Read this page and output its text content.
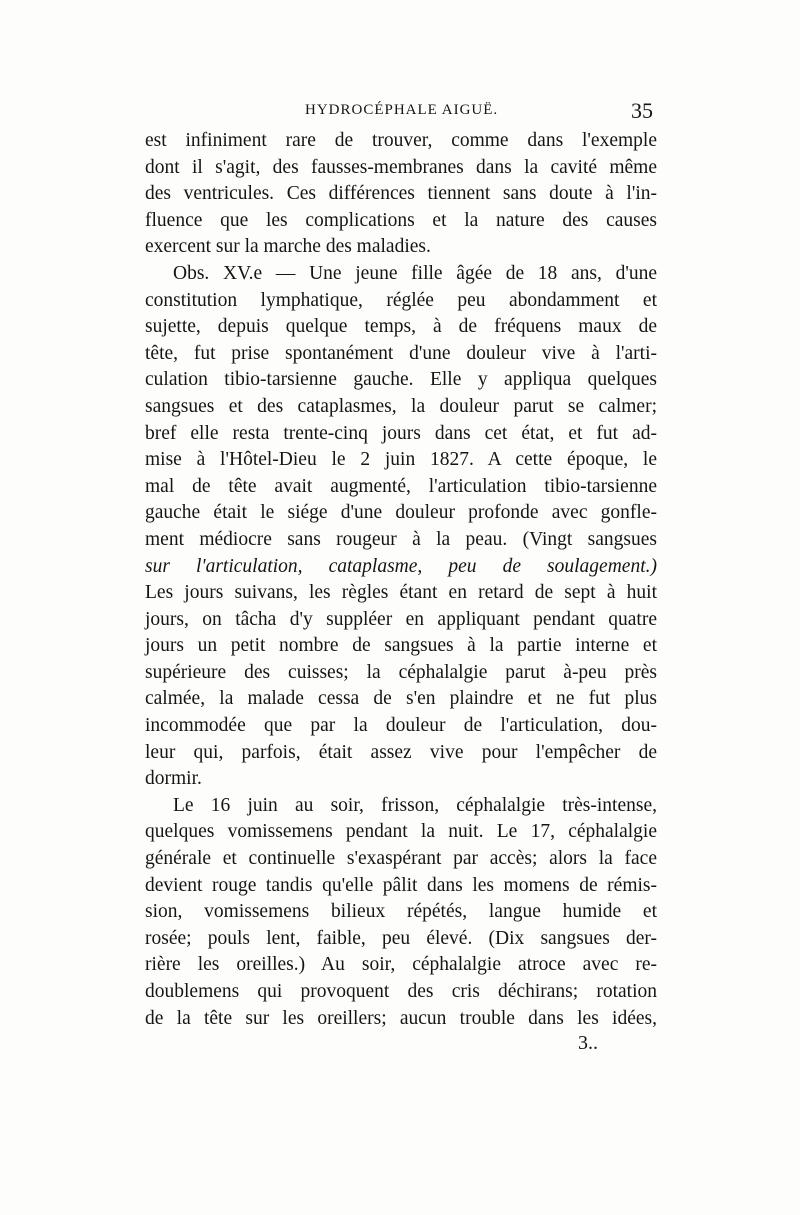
HYDROCÉPHALE AIGUË.	35
est infiniment rare de trouver, comme dans l'exemple
dont il s'agit, des fausses-membranes dans la cavité même
des ventricules. Ces différences tiennent sans doute à l'in-
fluence que les complications et la nature des causes
exercent sur la marche des maladies.
Obs. XV.e — Une jeune fille âgée de 18 ans, d'une
constitution lymphatique, réglée peu abondamment et
sujette, depuis quelque temps, à de fréquens maux de
tête, fut prise spontanément d'une douleur vive à l'arti-
culation tibio-tarsienne gauche. Elle y appliqua quelques
sangsues et des cataplasmes, la douleur parut se calmer;
bref elle resta trente-cinq jours dans cet état, et fut ad-
mise à l'Hôtel-Dieu le 2 juin 1827. A cette époque, le
mal de tête avait augmenté, l'articulation tibio-tarsienne
gauche était le siége d'une douleur profonde avec gonfle-
ment médiocre sans rougeur à la peau. (Vingt sangsues
sur l'articulation, cataplasme, peu de soulagement.)
Les jours suivans, les règles étant en retard de sept à huit
jours, on tâcha d'y suppléer en appliquant pendant quatre
jours un petit nombre de sangsues à la partie interne et
supérieure des cuisses; la céphalalgie parut à-peu près
calmée, la malade cessa de s'en plaindre et ne fut plus
incommodée que par la douleur de l'articulation, dou-
leur qui, parfois, était assez vive pour l'empêcher de
dormir.
Le 16 juin au soir, frisson, céphalalgie très-intense,
quelques vomissemens pendant la nuit. Le 17, céphalalgie
générale et continuelle s'exaspérant par accès; alors la face
devient rouge tandis qu'elle pâlit dans les momens de rémis-
sion, vomissemens bilieux répétés, langue humide et
rosée; pouls lent, faible, peu élevé. (Dix sangsues der-
rière les oreilles.) Au soir, céphalalgie atroce avec re-
doublemens qui provoquent des cris déchirans; rotation
de la tête sur les oreillers; aucun trouble dans les idées,
3..
